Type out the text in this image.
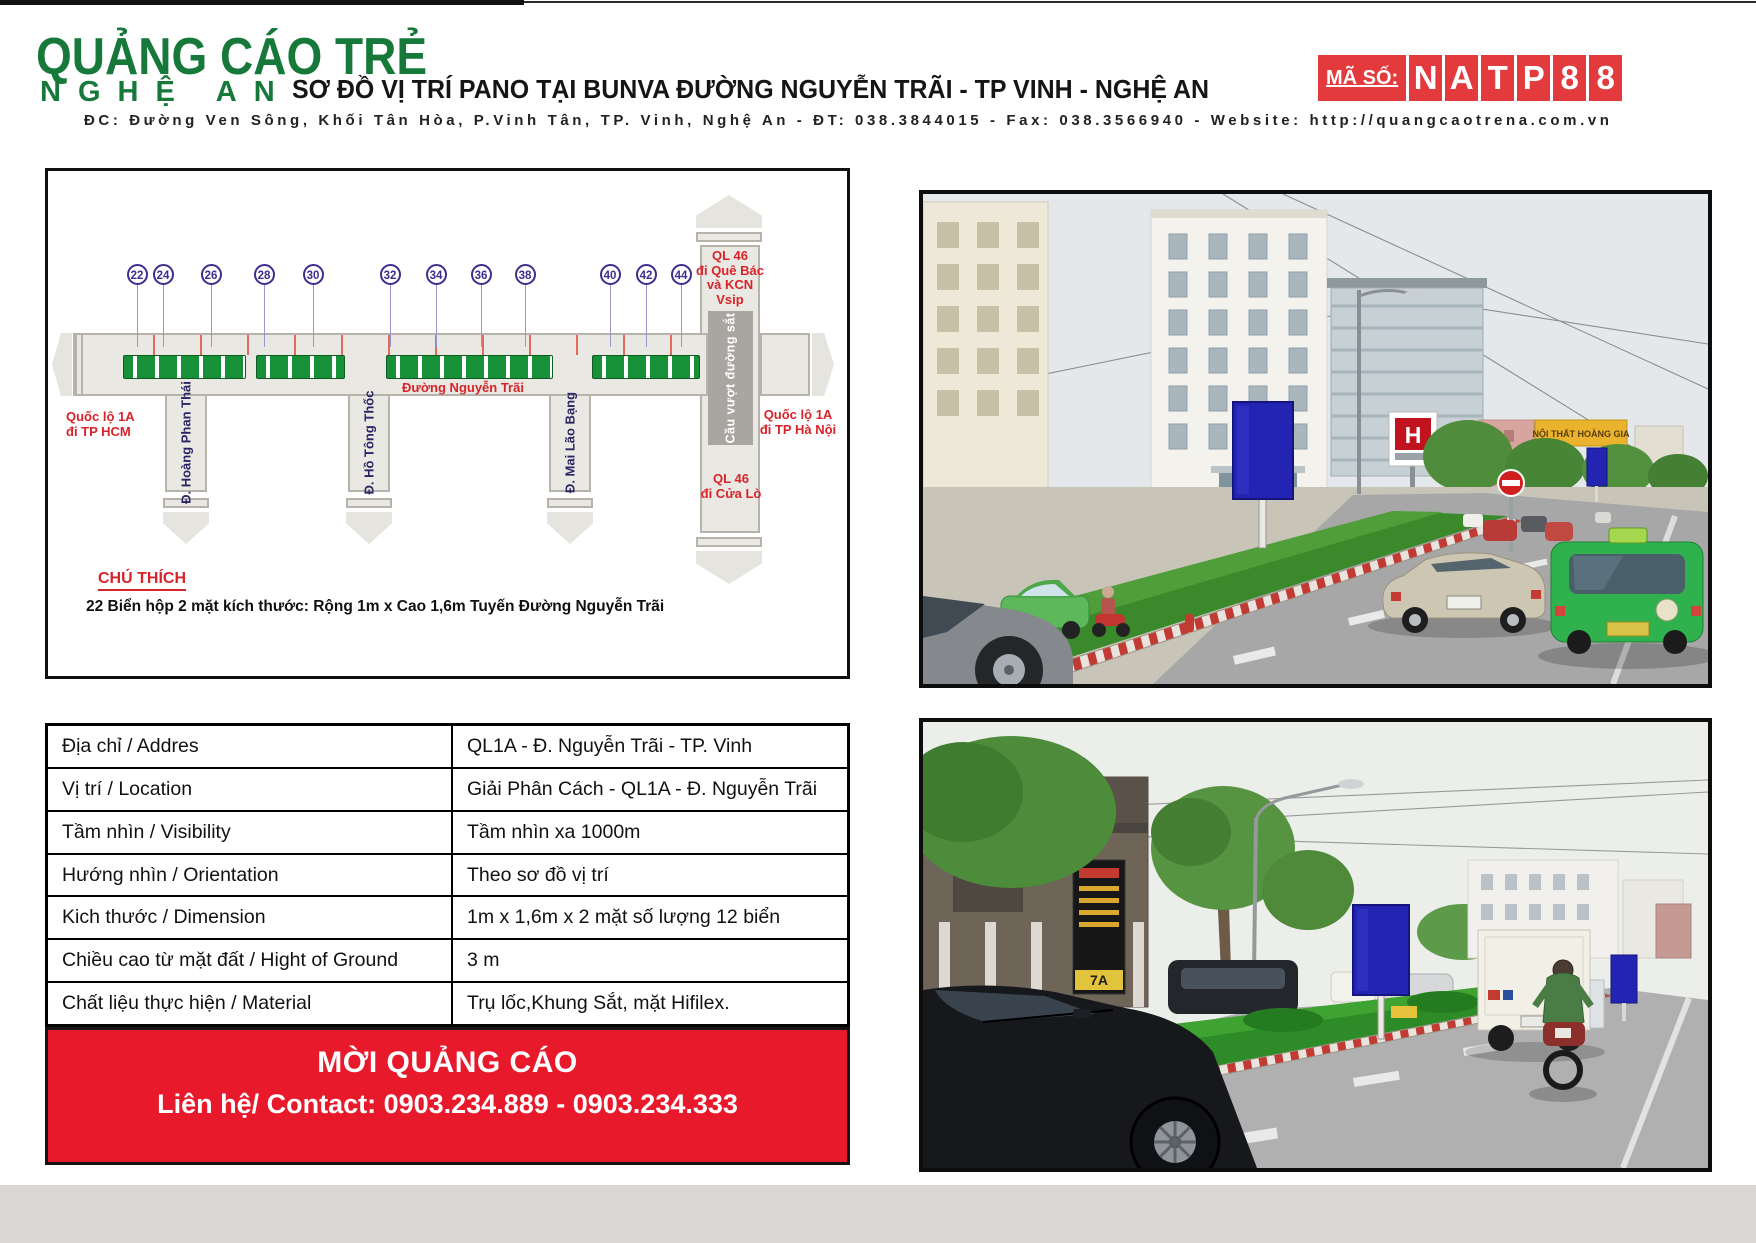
QUẢNG CÁO TRẺ
NGHỆ AN SƠ ĐỒ VỊ TRÍ PANO TẠI BUNVA ĐƯỜNG NGUYỄN TRÃI - TP VINH - NGHỆ AN
ĐC: Đường Ven Sông, Khối Tân Hòa, P.Vinh Tân, TP. Vinh, Nghệ An - ĐT: 038.3844015 - Fax: 038.3566940 - Website: http://quangcaotrena.com.vn
MÃ SỐ: N A T P 8 8
Đ. Hoàng Phan Thái	Đ. Hồ Tông Thốc	Đ. Mai Lão Bạng
22	24	26	28	30	32	34	36	38	40	42	44
Đường Nguyễn Trãi
Quốc lộ 1A
đi TP HCM
Quốc lộ 1A
đi TP Hà Nội
QL 46
đi Quê Bác
và KCN
Vsip
Cầu vượt đường sắt
QL 46
đi Cửa Lò
CHÚ THÍCH
22 Biển hộp 2 mặt kích thước: Rộng 1m x Cao 1,6m Tuyến Đường Nguyễn Trãi
Địa chỉ / Addres	QL1A - Đ. Nguyễn Trãi - TP. Vinh
Vị trí / Location	Giải Phân Cách - QL1A - Đ. Nguyễn Trãi
Tầm nhìn / Visibility	Tầm nhìn xa 1000m
Hướng nhìn / Orientation	Theo sơ đồ vị trí
Kich thước / Dimension	1m x 1,6m x 2 mặt số lượng 12 biển
Chiều cao từ mặt đất / Hight of Ground	3 m
Chất liệu thực hiện / Material	Trụ lốc,Khung Sắt, mặt Hifilex.
MỜI QUẢNG CÁO
Liên hệ/ Contact: 0903.234.889 - 0903.234.333
H	NỘI THẤT HOÀNG GIA
7A
